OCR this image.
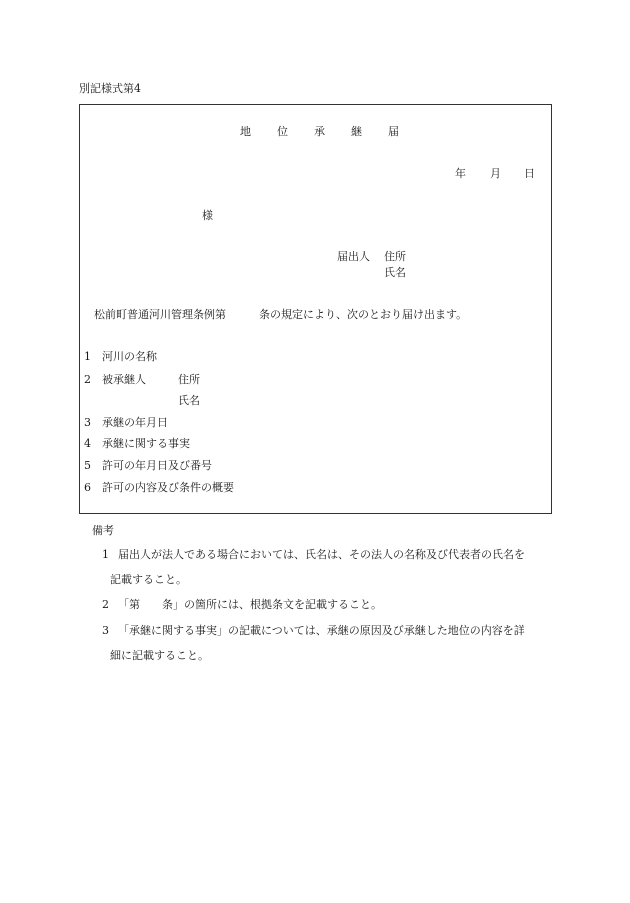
別記様式第4
地位承継届
年 月 日
様
届出人 住所
氏名
松前町普通河川管理条例第	条の規定により、次のとおり届け出ます。
1 河川の名称
2 被承継人	住所
氏名
3 承継の年月日
4 承継に関する事実
5 許可の年月日及び番号
6 許可の内容及び条件の概要
備考
1 届出人が法人である場合においては、氏名は、その法人の名称及び代表者の氏名を
記載すること。
2 「第　　条」の箇所には、根拠条文を記載すること。
3 「承継に関する事実」の記載については、承継の原因及び承継した地位の内容を詳
細に記載すること。
